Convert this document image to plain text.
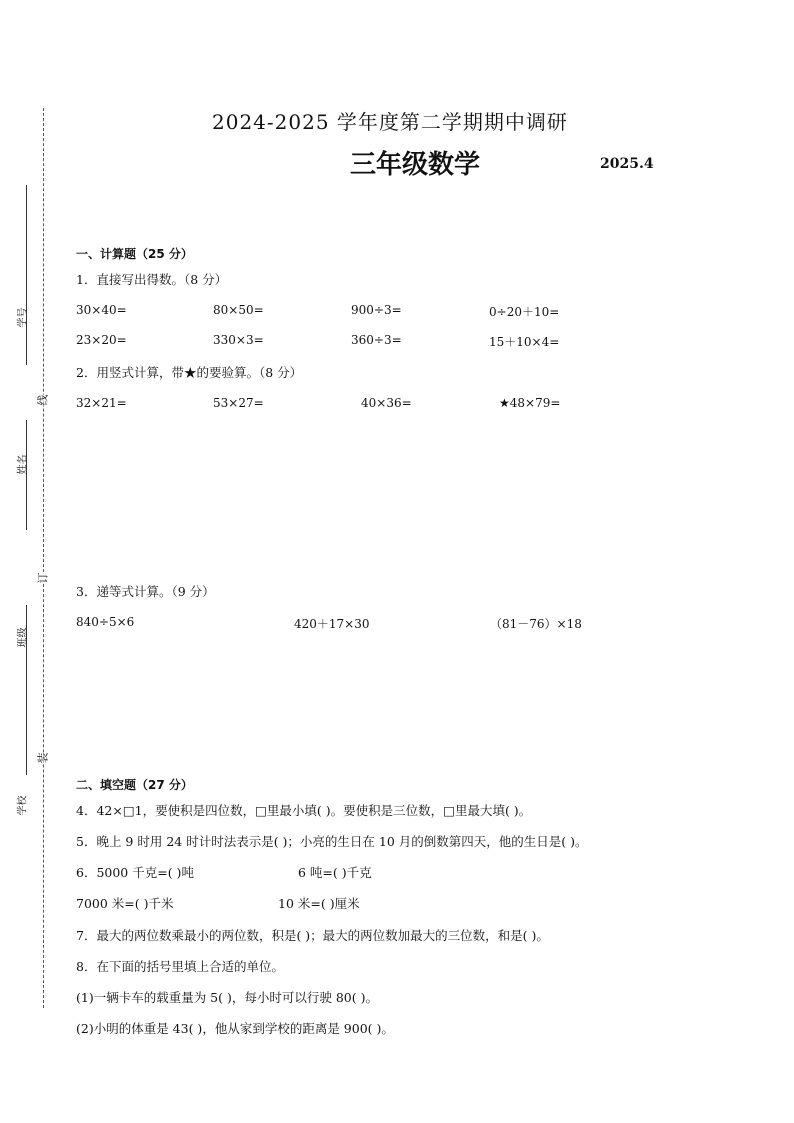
学号
姓名
班级
学校
线
订
装
2024-2025 学年度第二学期期中调研
三年级数学	2025.4
一、计算题（25 分）
1．直接写出得数。（8 分）
30×40=	80×50=	900÷3=	0÷20＋10=
23×20=	330×3=	360÷3=	15＋10×4=
2．用竖式计算，带★的要验算。（8 分）
32×21=	53×27=	40×36=	★48×79=
3．递等式计算。（9 分）
840÷5×6	420＋17×30	（81－76）×18
二、填空题（27 分）
4．42×□1，要使积是四位数，□里最小填( )。要使积是三位数，□里最大填( )。
5．晚上 9 时用 24 时计时法表示是( )；小亮的生日在 10 月的倒数第四天，他的生日是( )。
6．5000 千克=( )吨	6 吨=( )千克
7000 米=( )千米	10 米=( )厘米
7．最大的两位数乘最小的两位数，积是( )；最大的两位数加最大的三位数，和是( )。
8．在下面的括号里填上合适的单位。
(1)一辆卡车的载重量为 5( )，每小时可以行驶 80( )。
(2)小明的体重是 43( )，他从家到学校的距离是 900( )。
